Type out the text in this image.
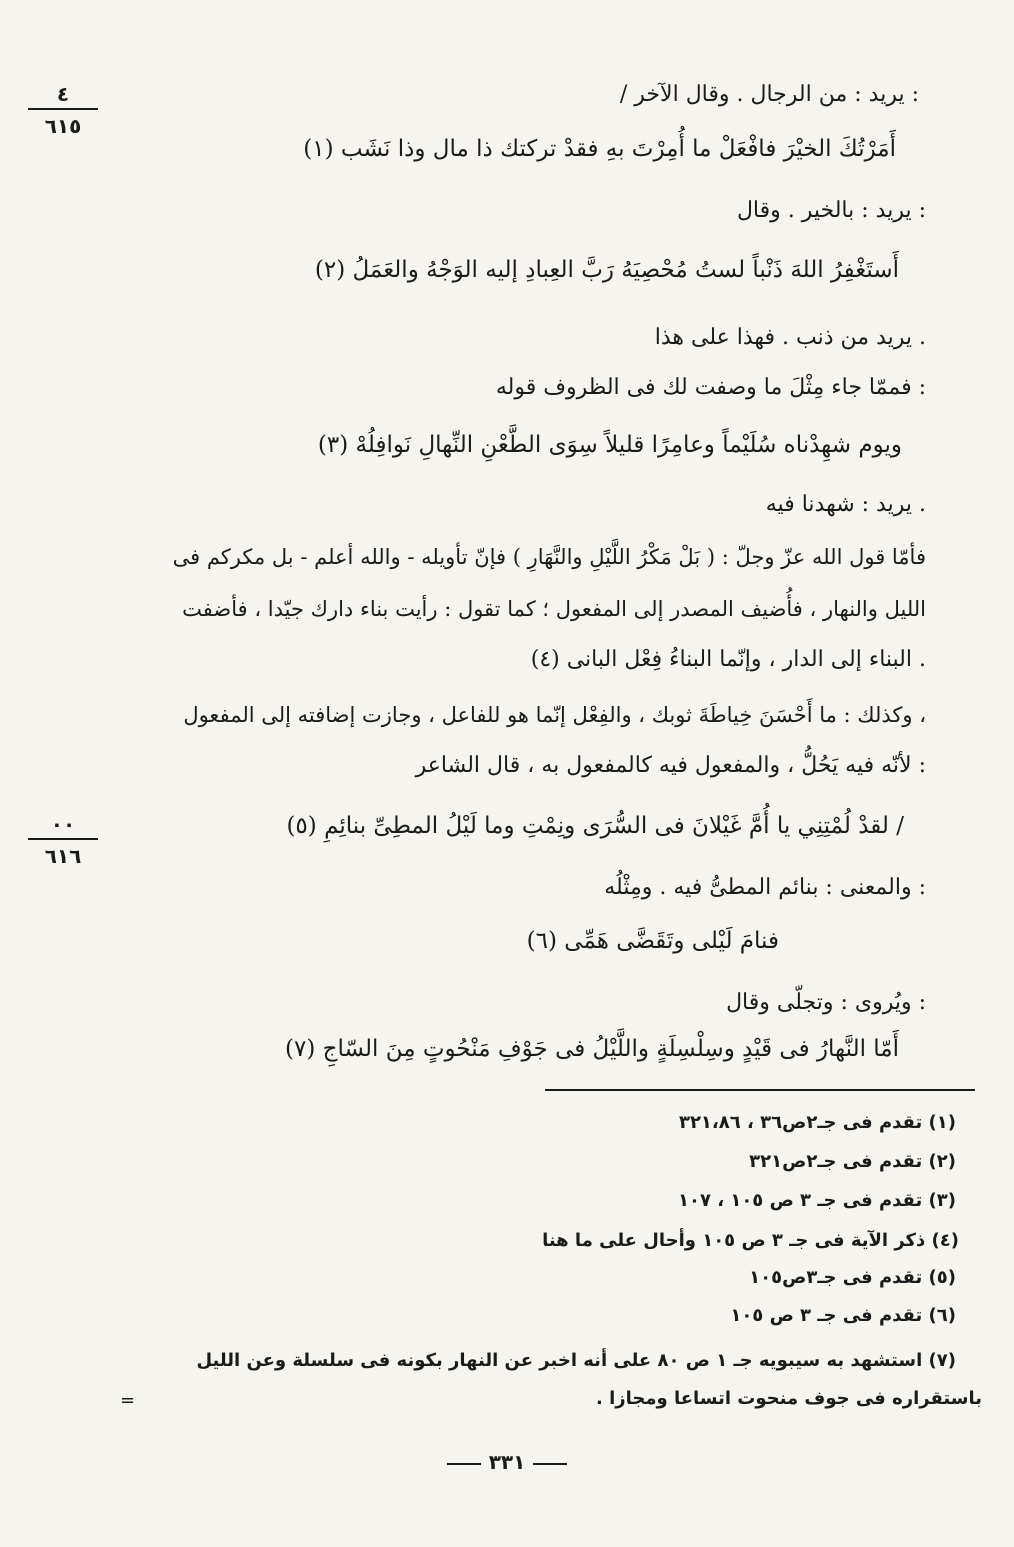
٤
٦١٥
٠٠
٦١٦
/ يريد : من الرجال . وقال الآخر :
أَمَرْتُكَ الخيْرَ فافْعَلْ ما أُمِرْتَ بهِ فقدْ تركتك ذا مال وذا نَشَب (١)
يريد : بالخير . وقال :
أَستَغْفِرُ اللهَ ذَنْباً لستُ مُحْصِيَهُ رَبَّ العِبادِ إليه الوَجْهُ والعَمَلُ (٢)
يريد من ذنب . فهذا على هذا .
فممّا جاء مِثْلَ ما وصفت لك فى الظروف قوله :
ويوم شهِدْناه سُلَيْماً وعامِرًا قليلاً سِوَى الطَّعْنِ النِّهالِ نَوافِلُهْ (٣)
يريد : شهدنا فيه .
فأمّا قول الله عزّ وجلّ : ( بَلْ مَكْرُ اللَّيْلِ والنَّهَارِ ) فإنّ تأويله - والله أعلم - بل مكركم فى
الليل والنهار ، فأُضيف المصدر إلى المفعول ؛ كما تقول : رأيت بناء دارك جيّدا ، فأضفت
البناء إلى الدار ، وإنّما البناءُ فِعْل البانى (٤) .
وكذلك : ما أَحْسَنَ خِياطَةَ ثوبك ، والفِعْل إنّما هو للفاعل ، وجازت إضافته إلى المفعول ،
لأنّه فيه يَحُلُّ ، والمفعول فيه كالمفعول به ، قال الشاعر :
/ لقدْ لُمْتِنِي يا أُمَّ غَيْلانَ فى السُّرَى ونِمْتِ وما لَيْلُ المطِىِّ بنائِمِ (٥)
والمعنى : بنائم المطىُّ فيه . ومِثْلُه :
فنامَ لَيْلى وتَقَضَّى هَمِّى (٦)
ويُروى : وتجلّى وقال :
أَمّا النَّهارُ فى قَيْدٍ وسِلْسِلَةٍ واللَّيْلُ فى جَوْفِ مَنْحُوتٍ مِنَ السّاجِ (٧)
(١) تقدم فى جـ٢ص٣٦ ، ٣٢١،٨٦
(٢) تقدم فى جـ٢ص٣٢١
(٣) تقدم فى جـ ٣ ص ١٠٥ ، ١٠٧
(٤) ذكر الآية فى جـ ٣ ص ١٠٥ وأحال على ما هنا
(٥) تقدم فى جـ٣ص١٠٥
(٦) تقدم فى جـ ٣ ص ١٠٥
(٧) استشهد به سيبويه جـ ١ ص ٨٠ على أنه اخبر عن النهار بكونه فى سلسلة وعن الليل
باستقراره فى جوف منحوت اتساعا ومجازا .
=
٣٣١
